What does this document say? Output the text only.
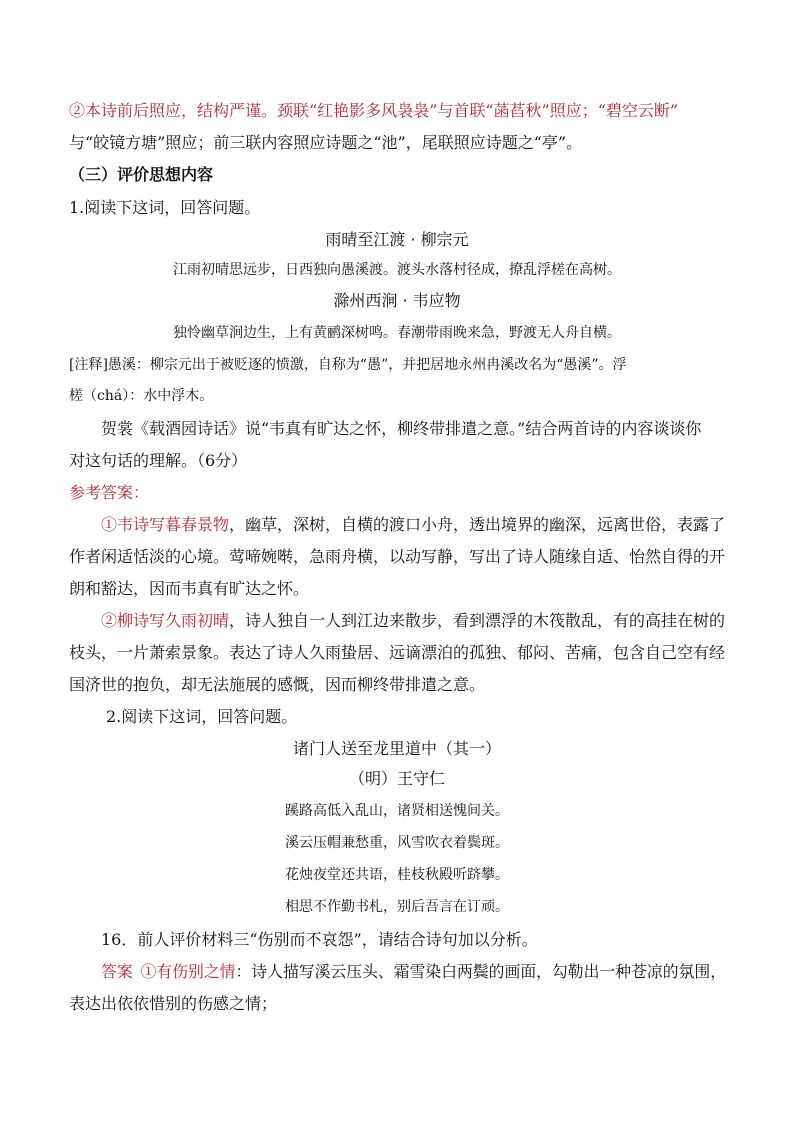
②本诗前后照应，结构严谨。颈联“红艳影多风袅袅”与首联“菡萏秋”照应；“碧空云断”
与“皎镜方塘”照应；前三联内容照应诗题之“池”，尾联照应诗题之“亭”。
（三）评价思想内容
1.阅读下这词，回答问题。
雨晴至江渡 · 柳宗元
江雨初晴思远步，日西独向愚溪渡。渡头水落村径成，撩乱浮槎在高树。
滁州西涧 · 韦应物
独怜幽草涧边生，上有黄鹂深树鸣。春潮带雨晚来急，野渡无人舟自横。
[注释]愚溪：柳宗元出于被贬逐的愤激，自称为“愚”，并把居地永州冉溪改名为“愚溪”。浮
槎（chá）：水中浮木。
贺裳《载酒园诗话》说“韦真有旷达之怀，柳终带排遣之意。”结合两首诗的内容谈谈你
对这句话的理解。（6分）
参考答案：
①韦诗写暮春景物，幽草，深树，自横的渡口小舟，透出境界的幽深，远离世俗，表露了
作者闲适恬淡的心境。莺啼婉啭，急雨舟横，以动写静，写出了诗人随缘自适、怡然自得的开
朗和豁达，因而韦真有旷达之怀。
②柳诗写久雨初晴，诗人独自一人到江边来散步，看到漂浮的木筏散乱，有的高挂在树的
枝头，一片萧索景象。表达了诗人久雨蛰居、远谪漂泊的孤独、郁闷、苦痛，包含自己空有经
国济世的抱负，却无法施展的感慨，因而柳终带排遣之意。
2.阅读下这词，回答问题。
诸门人送至龙里道中（其一）
（明）王守仁
蹊路高低入乱山，诸贤相送愧间关。
溪云压帽兼愁重，风雪吹衣着鬓斑。
花烛夜堂还共语，桂枝秋殿听跻攀。
相思不作勤书札，别后吾言在订顽。
16．前人评价材料三“伤别而不哀怨”，请结合诗句加以分析。
答案 ①有伤别之情：诗人描写溪云压头、霜雪染白两鬓的画面，勾勒出一种苍凉的氛围，
表达出依依惜别的伤感之情；
